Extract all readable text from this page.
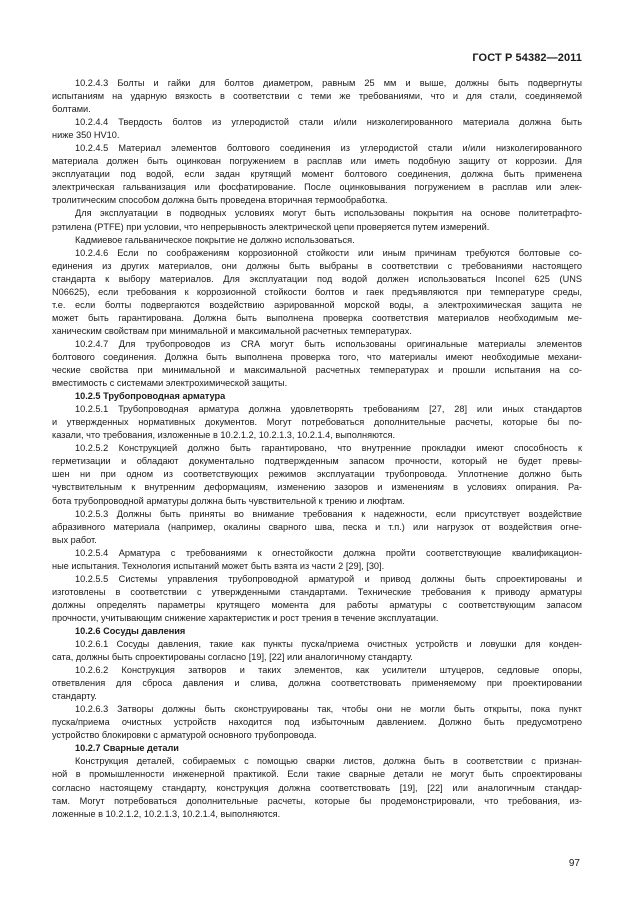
ГОСТ Р 54382—2011
10.2.4.3 Болты и гайки для болтов диаметром, равным 25 мм и выше, должны быть подвергнуты
испытаниям на ударную вязкость в соответствии с теми же требованиями, что и для стали, соединяемой
болтами.
10.2.4.4 Твердость болтов из углеродистой стали и/или низколегированного материала должна быть
ниже 350 HV10.
10.2.4.5 Материал элементов болтового соединения из углеродистой стали и/или низколегированного
материала должен быть оцинкован погружением в расплав или иметь подобную защиту от коррозии. Для
эксплуатации под водой, если задан крутящий момент болтового соединения, должна быть применена
электрическая гальванизация или фосфатирование. После оцинковывания погружением в расплав или элек-
тролитическим способом должна быть проведена вторичная термообработка.
Для эксплуатации в подводных условиях могут быть использованы покрытия на основе политетрафто-
рэтилена (PTFE) при условии, что непрерывность электрической цепи проверяется путем измерений.
Кадмиевое гальваническое покрытие не должно использоваться.
10.2.4.6 Если по соображениям коррозионной стойкости или иным причинам требуются болтовые со-
единения из других материалов, они должны быть выбраны в соответствии с требованиями настоящего
стандарта к выбору материалов. Для эксплуатации под водой должен использоваться Inconel 625 (UNS
N06625), если требования к коррозионной стойкости болтов и гаек предъявляются при температуре среды,
т.е. если болты подвергаются воздействию аэрированной морской воды, а электрохимическая защита не
может быть гарантирована. Должна быть выполнена проверка соответствия материалов необходимым ме-
ханическим свойствам при минимальной и максимальной расчетных температурах.
10.2.4.7 Для трубопроводов из CRA могут быть использованы оригинальные материалы элементов
болтового соединения. Должна быть выполнена проверка того, что материалы имеют необходимые механи-
ческие свойства при минимальной и максимальной расчетных температурах и прошли испытания на со-
вместимость с системами электрохимической защиты.
10.2.5 Трубопроводная арматура
10.2.5.1 Трубопроводная арматура должна удовлетворять требованиям [27, 28] или иных стандартов
и утвержденных нормативных документов. Могут потребоваться дополнительные расчеты, которые бы по-
казали, что требования, изложенные в 10.2.1.2, 10.2.1.3, 10.2.1.4, выполняются.
10.2.5.2 Конструкцией должно быть гарантировано, что внутренние прокладки имеют способность к
герметизации и обладают документально подтвержденным запасом прочности, который не будет превы-
шен ни при одном из соответствующих режимов эксплуатации трубопровода. Уплотнение должно быть
чувствительным к внутренним деформациям, изменению зазоров и изменениям в условиях опирания. Ра-
бота трубопроводной арматуры должна быть чувствительной к трению и люфтам.
10.2.5.3 Должны быть приняты во внимание требования к надежности, если присутствует воздействие
абразивного материала (например, окалины сварного шва, песка и т.п.) или нагрузок от воздействия огне-
вых работ.
10.2.5.4 Арматура с требованиями к огнестойкости должна пройти соответствующие квалификацион-
ные испытания. Технология испытаний может быть взята из части 2 [29], [30].
10.2.5.5 Системы управления трубопроводной арматурой и привод должны быть спроектированы и
изготовлены в соответствии с утвержденными стандартами. Технические требования к приводу арматуры
должны определять параметры крутящего момента для работы арматуры с соответствующим запасом
прочности, учитывающим снижение характеристик и рост трения в течение эксплуатации.
10.2.6 Сосуды давления
10.2.6.1 Сосуды давления, такие как пункты пуска/приема очистных устройств и ловушки для конден-
сата, должны быть спроектированы согласно [19], [22] или аналогичному стандарту.
10.2.6.2 Конструкция затворов и таких элементов, как усилители штуцеров, седловые опоры,
ответвления для сброса давления и слива, должна соответствовать применяемому при проектировании
стандарту.
10.2.6.3 Затворы должны быть сконструированы так, чтобы они не могли быть открыты, пока пункт
пуска/приема очистных устройств находится под избыточным давлением. Должно быть предусмотрено
устройство блокировки с арматурой основного трубопровода.
10.2.7 Сварные детали
Конструкция деталей, собираемых с помощью сварки листов, должна быть в соответствии с признан-
ной в промышленности инженерной практикой. Если такие сварные детали не могут быть спроектированы
согласно настоящему стандарту, конструкция должна соответствовать [19], [22] или аналогичным стандар-
там. Могут потребоваться дополнительные расчеты, которые бы продемонстрировали, что требования, из-
ложенные в 10.2.1.2, 10.2.1.3, 10.2.1.4, выполняются.
97
